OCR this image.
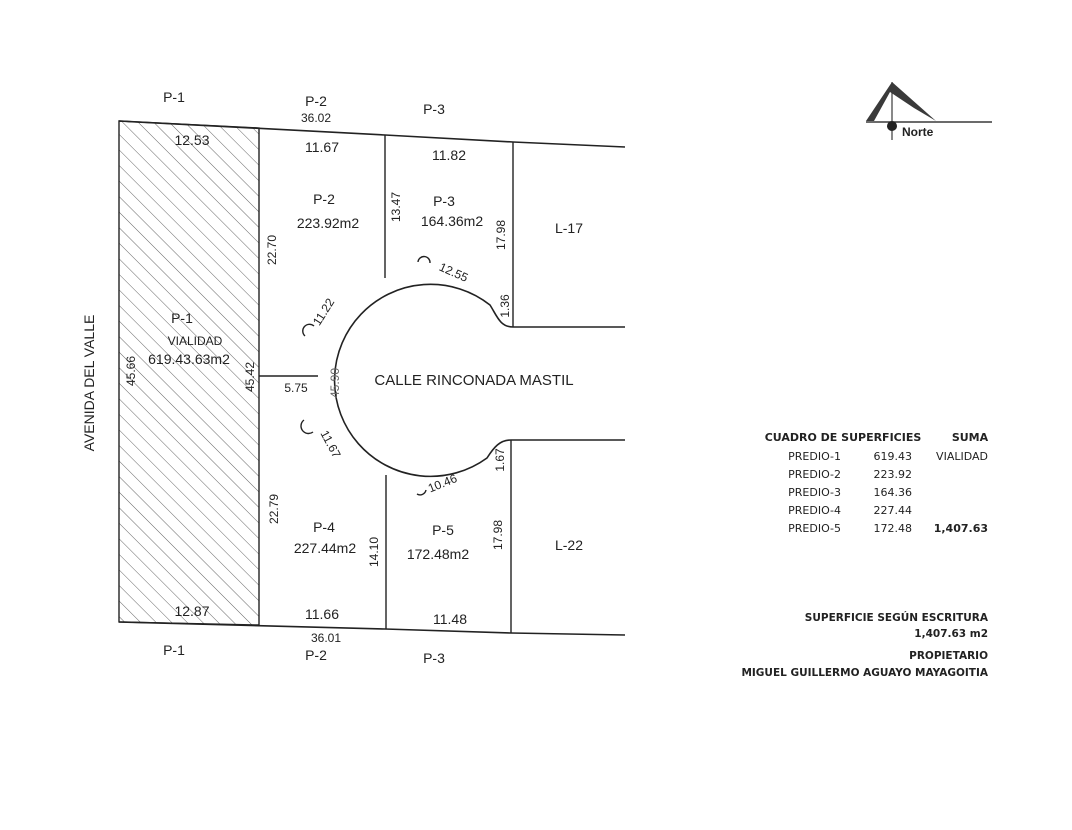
Norte
AVENIDA DEL VALLE	CALLE RINCONADA MASTIL
P-1	P-2	P-3
P-1	P-2	P-3
L-17
L-22
P-1
VIALIDAD
619.43.63m2
P-2
223.92m2
P-3
164.36m2
P-4
227.44m2
P-5
172.48m2
36.02
36.01
12.53
12.87
45.66	45.42
11.67
22.70
13.47
11.82
17.98
1.36
11.22
12.55
11.67
10.46
5.75 45.90
11.66
22.79
14.10
11.48
17.98
1.67
CUADRO DE SUPERFICIES	SUMA
PREDIO-1	619.43 VIALIDAD
PREDIO-2	223.92
PREDIO-3	164.36
PREDIO-4	227.44
PREDIO-5	172.48 1,407.63
SUPERFICIE SEGÚN ESCRITURA
1,407.63 m2
PROPIETARIO
MIGUEL GUILLERMO AGUAYO MAYAGOITIA
